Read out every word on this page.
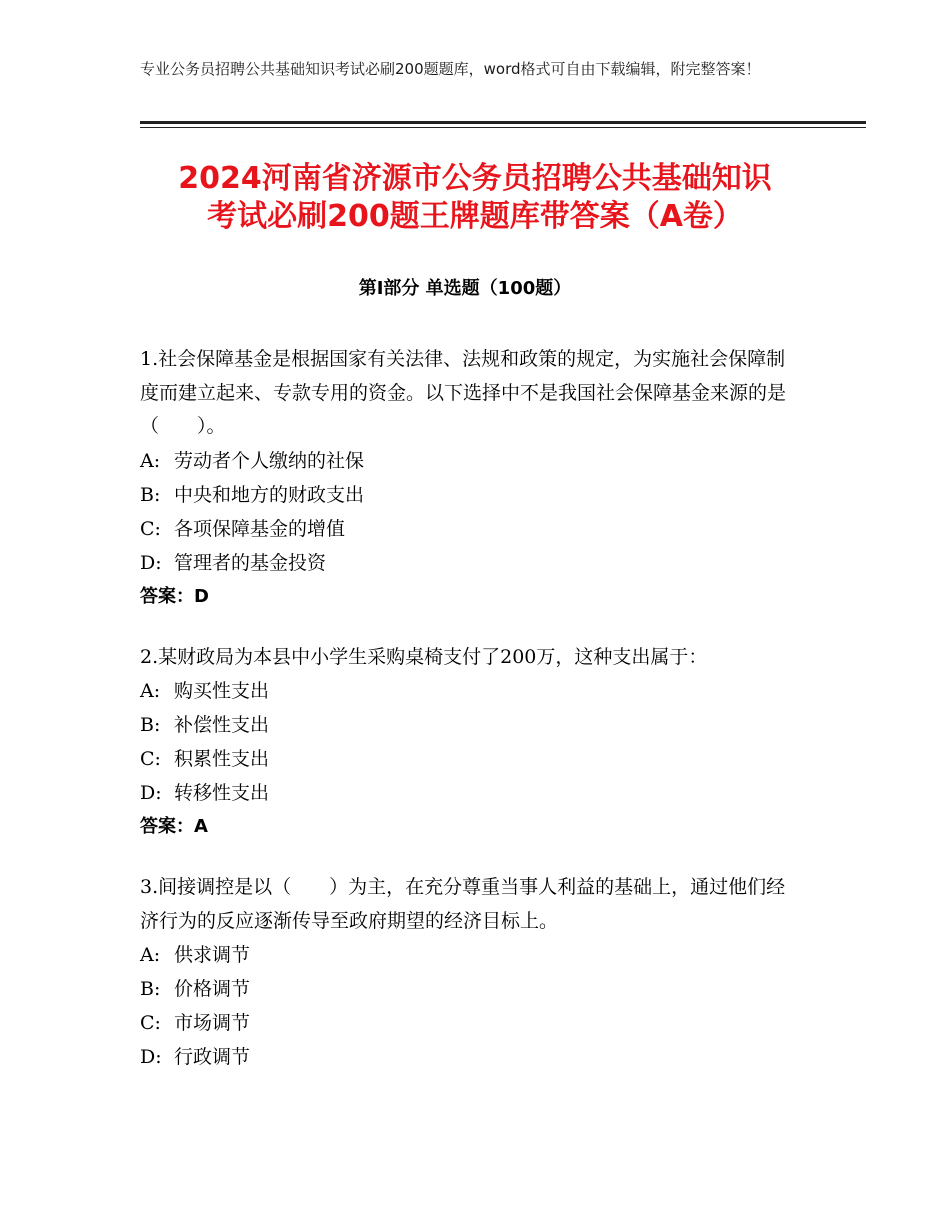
专业公务员招聘公共基础知识考试必刷200题题库，word格式可自由下载编辑，附完整答案！
2024河南省济源市公务员招聘公共基础知识
考试必刷200题王牌题库带答案（A卷）
第Ⅰ部分 单选题（100题）
1.社会保障基金是根据国家有关法律、法规和政策的规定，为实施社会保障制度而建立起来、专款专用的资金。以下选择中不是我国社会保障基金来源的是（　　）。
A: 劳动者个人缴纳的社保
B: 中央和地方的财政支出
C: 各项保障基金的增值
D: 管理者的基金投资
答案：D
2.某财政局为本县中小学生采购桌椅支付了200万，这种支出属于：
A: 购买性支出
B: 补偿性支出
C: 积累性支出
D: 转移性支出
答案：A
3.间接调控是以（　　）为主，在充分尊重当事人利益的基础上，通过他们经济行为的反应逐渐传导至政府期望的经济目标上。
A: 供求调节
B: 价格调节
C: 市场调节
D: 行政调节
